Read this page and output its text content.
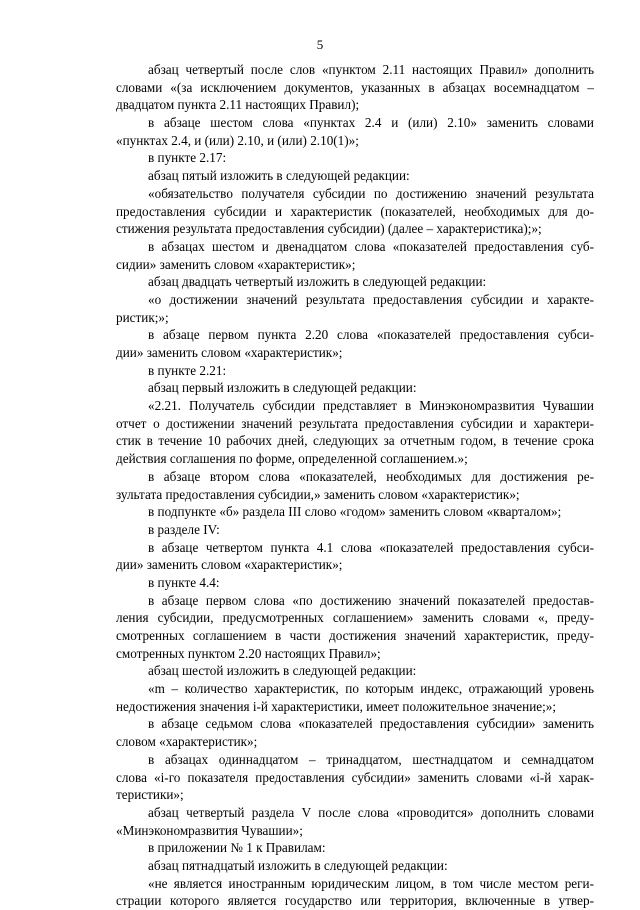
5
абзац четвертый после слов «пунктом 2.11 настоящих Правил» дополнить
словами «(за исключением документов, указанных в абзацах восемнадцатом –
двадцатом пункта 2.11 настоящих Правил);
в абзаце шестом слова «пунктах 2.4 и (или) 2.10» заменить словами
«пунктах 2.4, и (или) 2.10, и (или) 2.10(1)»;
в пункте 2.17:
абзац пятый изложить в следующей редакции:
«обязательство получателя субсидии по достижению значений результата
предоставления субсидии и характеристик (показателей, необходимых для до-
стижения результата предоставления субсидии) (далее – характеристика);»;
в абзацах шестом и двенадцатом слова «показателей предоставления суб-
сидии» заменить словом «характеристик»;
абзац двадцать четвертый изложить в следующей редакции:
«о достижении значений результата предоставления субсидии и характе-
ристик;»;
в абзаце первом пункта 2.20 слова «показателей предоставления субси-
дии» заменить словом «характеристик»;
в пункте 2.21:
абзац первый изложить в следующей редакции:
«2.21. Получатель субсидии представляет в Минэкономразвития Чувашии
отчет о достижении значений результата предоставления субсидии и характери-
стик в течение 10 рабочих дней, следующих за отчетным годом, в течение срока
действия соглашения по форме, определенной соглашением.»;
в абзаце втором слова «показателей, необходимых для достижения ре-
зультата предоставления субсидии,» заменить словом «характеристик»;
в подпункте «б» раздела III слово «годом» заменить словом «кварталом»;
в разделе IV:
в абзаце четвертом пункта 4.1 слова «показателей предоставления субси-
дии» заменить словом «характеристик»;
в пункте 4.4:
в абзаце первом слова «по достижению значений показателей предостав-
ления субсидии, предусмотренных соглашением» заменить словами «, преду-
смотренных соглашением в части достижения значений характеристик, преду-
смотренных пунктом 2.20 настоящих Правил»;
абзац шестой изложить в следующей редакции:
«m – количество характеристик, по которым индекс, отражающий уровень
недостижения значения i-й характеристики, имеет положительное значение;»;
в абзаце седьмом слова «показателей предоставления субсидии» заменить
словом «характеристик»;
в абзацах одиннадцатом – тринадцатом, шестнадцатом и семнадцатом
слова «i-го показателя предоставления субсидии» заменить словами «i-й харак-
теристики»;
абзац четвертый раздела V после слова «проводится» дополнить словами
«Минэкономразвития Чувашии»;
в приложении № 1 к Правилам:
абзац пятнадцатый изложить в следующей редакции:
«не является иностранным юридическим лицом, в том числе местом реги-
страции которого является государство или территория, включенные в утвер-
